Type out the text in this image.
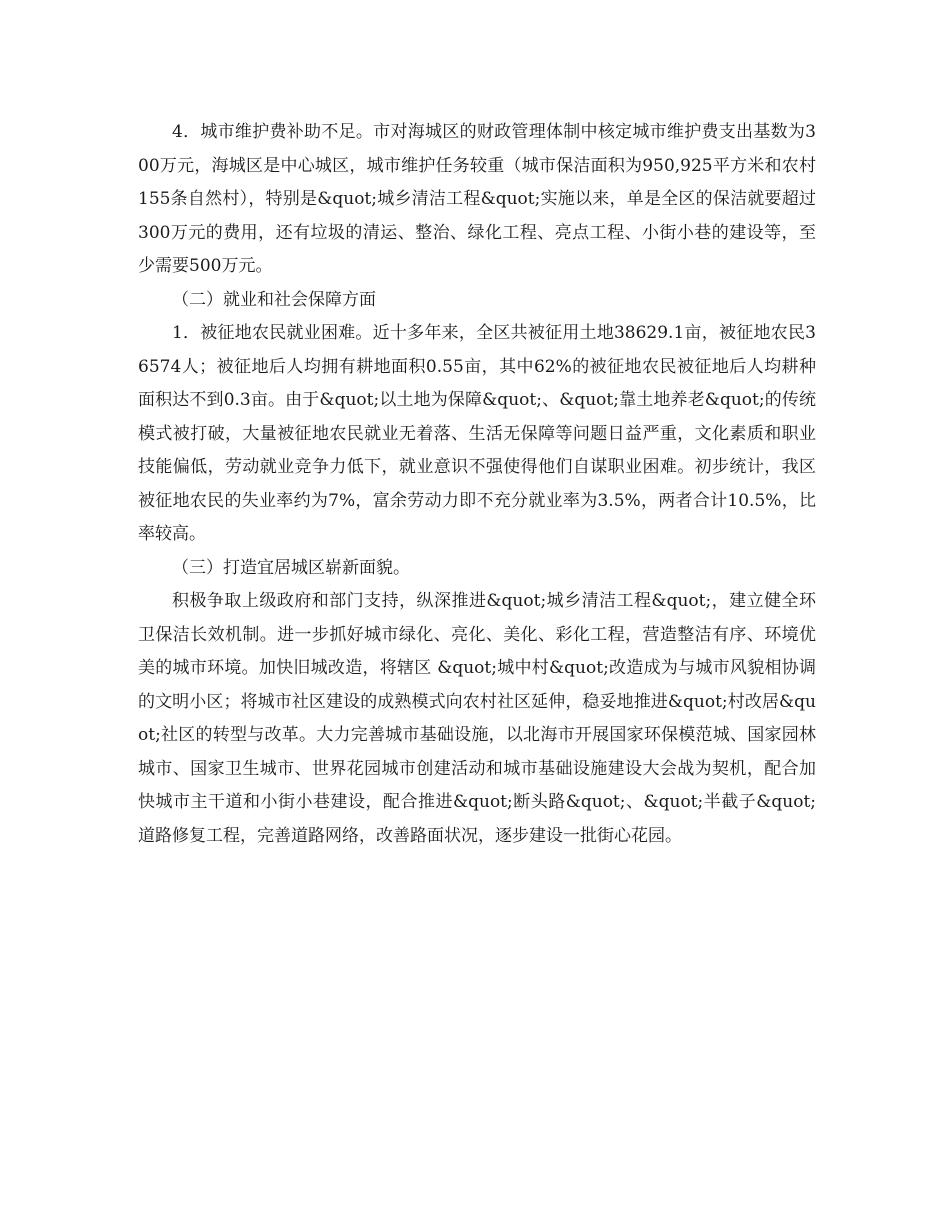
4．城市维护费补助不足。市对海城区的财政管理体制中核定城市维护费支出基数为300万元，海城区是中心城区，城市维护任务较重（城市保洁面积为950,925平方米和农村 155条自然村），特别是&quot;城乡清洁工程&quot;实施以来，单是全区的保洁就要超过300万元的费用，还有垃圾的清运、整治、绿化工程、亮点工程、小街小巷的建设等，至少需要500万元。

（二）就业和社会保障方面

1．被征地农民就业困难。近十多年来，全区共被征用土地38629.1亩，被征地农民36574人；被征地后人均拥有耕地面积0.55亩，其中62%的被征地农民被征地后人均耕种面积达不到0.3亩。由于&quot;以土地为保障&quot;、&quot;靠土地养老&quot;的传统模式被打破，大量被征地农民就业无着落、生活无保障等问题日益严重，文化素质和职业技能偏低，劳动就业竞争力低下，就业意识不强使得他们自谋职业困难。初步统计，我区被征地农民的失业率约为7%，富余劳动力即不充分就业率为3.5%，两者合计10.5%，比率较高。

（三）打造宜居城区崭新面貌。

积极争取上级政府和部门支持，纵深推进&quot;城乡清洁工程&quot;，建立健全环卫保洁长效机制。进一步抓好城市绿化、亮化、美化、彩化工程，营造整洁有序、环境优美的城市环境。加快旧城改造，将辖区 &quot;城中村&quot;改造成为与城市风貌相协调的文明小区；将城市社区建设的成熟模式向农村社区延伸，稳妥地推进&quot;村改居&quot;社区的转型与改革。大力完善城市基础设施，以北海市开展国家环保模范城、国家园林城市、国家卫生城市、世界花园城市创建活动和城市基础设施建设大会战为契机，配合加快城市主干道和小街小巷建设，配合推进&quot;断头路&quot;、&quot;半截子&quot;道路修复工程，完善道路网络，改善路面状况，逐步建设一批街心花园。
